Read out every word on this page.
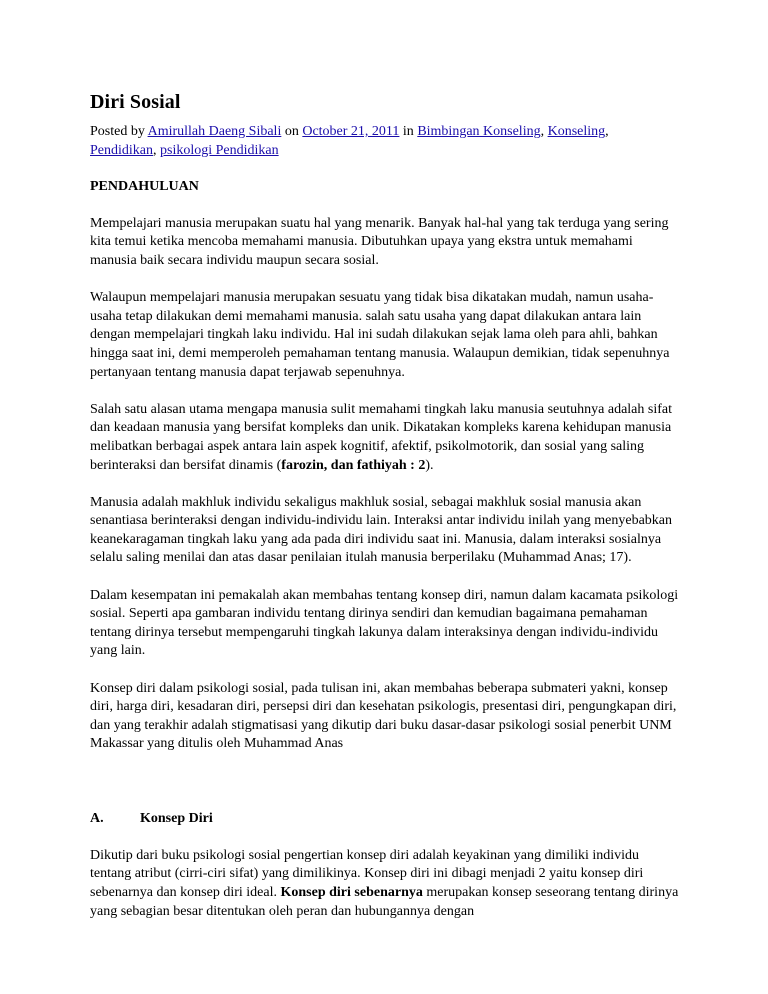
Diri Sosial
Posted by Amirullah Daeng Sibali on October 21, 2011 in Bimbingan Konseling, Konseling,
Pendidikan, psikologi Pendidikan
PENDAHULUAN

Mempelajari manusia merupakan suatu hal yang menarik. Banyak hal-hal yang tak terduga yang sering kita temui ketika mencoba memahami manusia. Dibutuhkan upaya yang ekstra untuk memahami manusia baik secara individu maupun secara sosial.

Walaupun mempelajari manusia merupakan sesuatu yang tidak bisa dikatakan mudah, namun usaha-usaha tetap dilakukan demi memahami manusia. salah satu usaha yang dapat dilakukan antara lain dengan mempelajari tingkah laku individu. Hal ini sudah dilakukan sejak lama oleh para ahli, bahkan hingga saat ini, demi memperoleh pemahaman tentang manusia. Walaupun demikian, tidak sepenuhnya pertanyaan tentang manusia dapat terjawab sepenuhnya.

Salah satu alasan utama mengapa manusia sulit memahami tingkah laku manusia seutuhnya adalah sifat dan keadaan manusia yang bersifat kompleks dan unik. Dikatakan kompleks karena kehidupan manusia melibatkan berbagai aspek antara lain aspek kognitif, afektif, psikolmotorik, dan sosial yang saling berinteraksi dan bersifat dinamis (farozin, dan fathiyah : 2).

Manusia adalah makhluk individu sekaligus makhluk sosial, sebagai makhluk sosial manusia akan senantiasa berinteraksi dengan individu-individu lain. Interaksi antar individu inilah yang menyebabkan keanekaragaman tingkah laku yang ada pada diri individu saat ini. Manusia, dalam interaksi sosialnya selalu saling menilai dan atas dasar penilaian itulah manusia berperilaku (Muhammad Anas; 17).

Dalam kesempatan ini pemakalah akan membahas tentang konsep diri, namun dalam kacamata psikologi sosial. Seperti apa gambaran individu tentang dirinya sendiri dan kemudian bagaimana pemahaman tentang dirinya tersebut mempengaruhi tingkah lakunya dalam interaksinya dengan individu-individu yang lain.

Konsep diri dalam psikologi sosial, pada tulisan ini, akan membahas beberapa submateri yakni, konsep diri, harga diri, kesadaran diri, persepsi diri dan kesehatan psikologis, presentasi diri, pengungkapan diri, dan yang terakhir adalah stigmatisasi yang dikutip dari buku dasar-dasar psikologi sosial penerbit UNM Makassar yang ditulis oleh Muhammad Anas

A.	Konsep Diri

Dikutip dari buku psikologi sosial pengertian konsep diri adalah keyakinan yang dimiliki individu tentang atribut (cirri-ciri sifat) yang dimilikinya. Konsep diri ini dibagi menjadi 2 yaitu konsep diri sebenarnya dan konsep diri ideal. Konsep diri sebenarnya merupakan konsep seseorang tentang dirinya yang sebagian besar ditentukan oleh peran dan hubungannya dengan
